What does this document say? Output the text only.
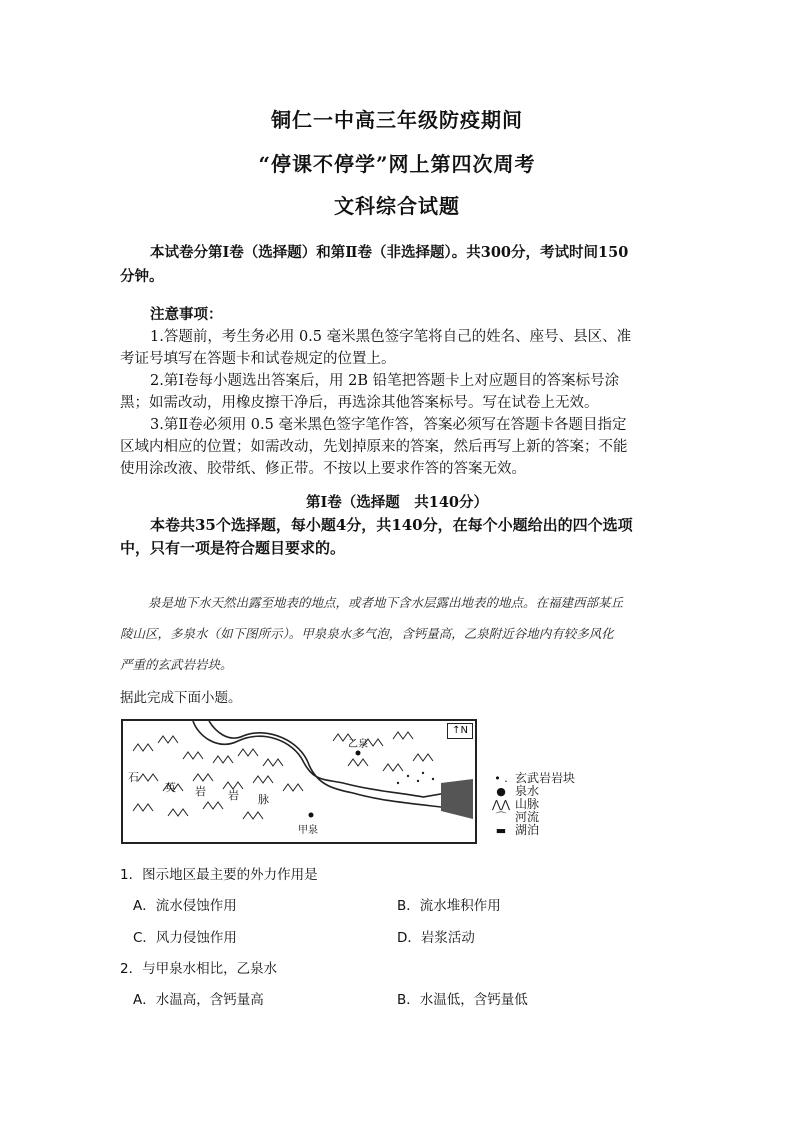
铜仁一中高三年级防疫期间
“停课不停学”网上第四次周考
文科综合试题
本试卷分第Ⅰ卷（选择题）和第Ⅱ卷（非选择题）。共300分，考试时间150
分钟。
注意事项：
1.答题前，考生务必用 0.5 毫米黑色签字笔将自己的姓名、座号、县区、准
考证号填写在答题卡和试卷规定的位置上。
2.第Ⅰ卷每小题选出答案后，用 2B 铅笔把答题卡上对应题目的答案标号涂
黑；如需改动，用橡皮擦干净后，再选涂其他答案标号。写在试卷上无效。
3.第Ⅱ卷必须用 0.5 毫米黑色签字笔作答，答案必须写在答题卡各题目指定
区域内相应的位置；如需改动，先划掉原来的答案，然后再写上新的答案；不能
使用涂改液、胶带纸、修正带。不按以上要求作答的答案无效。
第Ⅰ卷（选择题　共140分）
本卷共35个选择题，每小题4分，共140分，在每个小题给出的四个选项
中，只有一项是符合题目要求的。
泉是地下水天然出露至地表的地点，或者地下含水层露出地表的地点。在福建西部某丘
陵山区，多泉水（如下图所示）。甲泉泉水多气泡，含钙量高，乙泉附近谷地内有较多风化
严重的玄武岩岩块。
据此完成下面小题。
↑N
乙泉
甲泉
石
英 岩 岩 脉
• . 玄武岩岩块
● 泉水
⋀⋀ 山脉
⌒ 河流
▬ 湖泊
1．图示地区最主要的外力作用是
A．流水侵蚀作用	B．流水堆积作用
C．风力侵蚀作用	D．岩浆活动
2．与甲泉水相比，乙泉水
A．水温高，含钙量高	B．水温低，含钙量低
